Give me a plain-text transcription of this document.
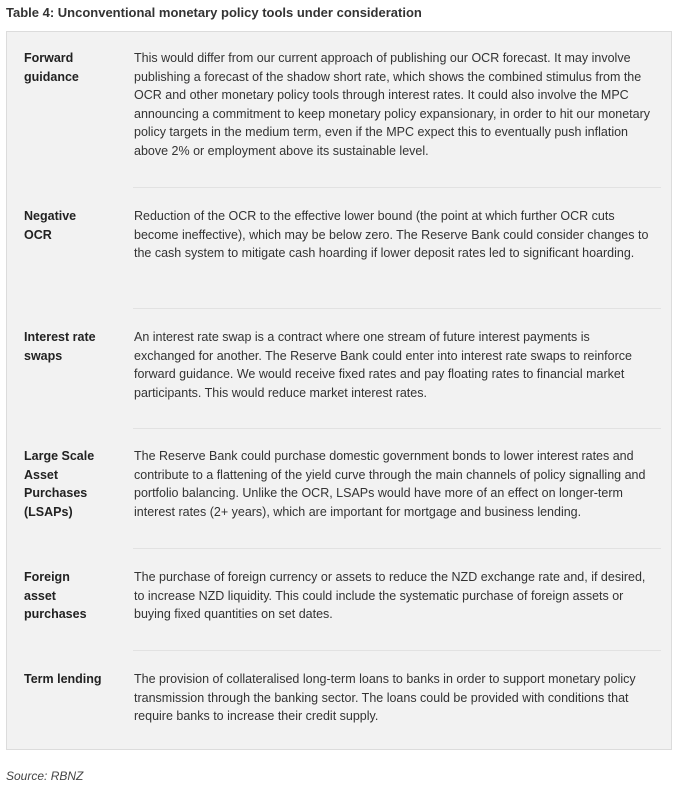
Table 4: Unconventional monetary policy tools under consideration
Forward guidance
This would differ from our current approach of publishing our OCR forecast. It may involve publishing a forecast of the shadow short rate, which shows the combined stimulus from the OCR and other monetary policy tools through interest rates. It could also involve the MPC announcing a commitment to keep monetary policy expansionary, in order to hit our monetary policy targets in the medium term, even if the MPC expect this to eventually push inflation above 2% or employment above its sustainable level.
Negative OCR
Reduction of the OCR to the effective lower bound (the point at which further OCR cuts become ineffective), which may be below zero. The Reserve Bank could consider changes to the cash system to mitigate cash hoarding if lower deposit rates led to significant hoarding.
Interest rate swaps
An interest rate swap is a contract where one stream of future interest payments is exchanged for another. The Reserve Bank could enter into interest rate swaps to reinforce forward guidance. We would receive fixed rates and pay floating rates to financial market participants. This would reduce market interest rates.
Large Scale Asset Purchases (LSAPs)
The Reserve Bank could purchase domestic government bonds to lower interest rates and contribute to a flattening of the yield curve through the main channels of policy signalling and portfolio balancing. Unlike the OCR, LSAPs would have more of an effect on longer-term interest rates (2+ years), which are important for mortgage and business lending.
Foreign asset purchases
The purchase of foreign currency or assets to reduce the NZD exchange rate and, if desired, to increase NZD liquidity. This could include the systematic purchase of foreign assets or buying fixed quantities on set dates.
Term lending	The provision of collateralised long-term loans to banks in order to support monetary policy transmission through the banking sector. The loans could be provided with conditions that require banks to increase their credit supply.
Source: RBNZ
